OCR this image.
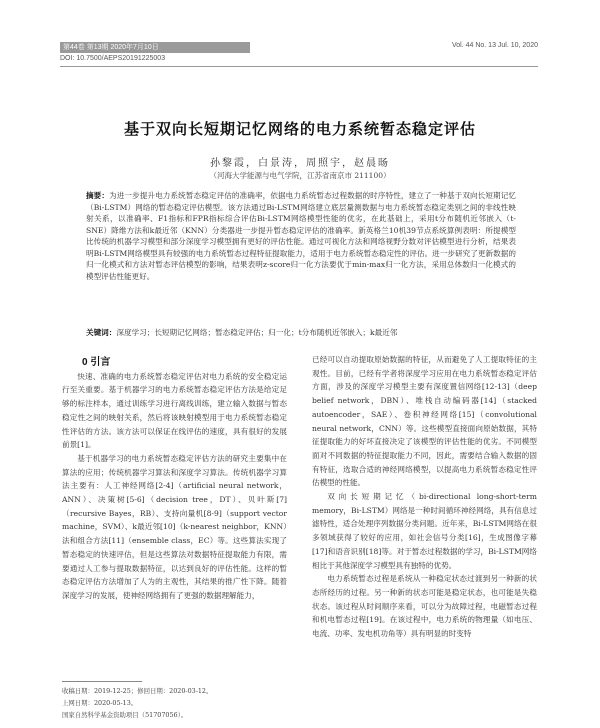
第44卷 第13期 2020年7月10日	Vol. 44 No. 13 Jul. 10, 2020
DOI: 10.7500/AEPS20191225003
基于双向长短期记忆网络的电力系统暂态稳定评估
孙黎霞，白景涛，周照宇，赵晨旸
（河海大学能源与电气学院，江苏省南京市 211100）
摘要：为进一步提升电力系统暂态稳定评估的准确率，依据电力系统暂态过程数据的时序特性，建立了一种基于双向长短期记忆（Bi-LSTM）网络的暂态稳定评估模型。该方法通过Bi-LSTM网络建立底层量测数据与电力系统暂态稳定类别之间的非线性映射关系，以准确率、F1指标和FPR指标综合评估Bi-LSTM网络模型性能的优劣，在此基础上，采用t分布随机近邻嵌入（t-SNE）降维方法和k最近邻（KNN）分类器进一步提升暂态稳定评估的准确率。新英格兰10机39节点系统算例表明：所提模型比传统的机器学习模型和部分深度学习模型拥有更好的评估性能。通过可视化方法和网络视野分数对评估模型进行分析，结果表明Bi-LSTM网络模型具有较强的电力系统暂态过程特征提取能力，适用于电力系统暂态稳定性的评估。进一步研究了更新数据的归一化模式和方法对暂态评估模型的影响，结果表明z-score归一化方法要优于min-max归一化方法，采用总体数归一化模式的模型评估性能更好。
关键词：深度学习；长短期记忆网络；暂态稳定评估；归一化；t分布随机近邻嵌入；k最近邻

0 引言

快速、准确的电力系统暂态稳定评估对电力系统的安全稳定运行至关重要。基于机器学习的电力系统暂态稳定评估方法是给定足够的标注样本，通过训练学习进行离线训练，建立输入数据与暂态稳定性之间的映射关系，然后将该映射模型用于电力系统暂态稳定性评估的方法。该方法可以保证在线评估的速度，具有很好的发展前景[1]。

基于机器学习的电力系统暂态稳定评估方法的研究主要集中在算法的应用；传统机器学习算法和深度学习算法。传统机器学习算法主要有：人工神经网络[2-4]（artificial neural network，ANN）、决策树[5-6]（decision tree，DT）、贝叶斯[7]（recursive Bayes，RB）、支持向量机[8-9]（support vector machine，SVM）、k最近邻[10]（k-nearest neighbor，KNN）法和组合方法[11]（ensemble class，EC）等。这些算法实现了暂态稳定的快速评估，但是这些算法对数据特征提取能力有限，需要通过人工参与提取数据特征，以达到良好的评估性能。这样的暂态稳定评估方法增加了人为的主观性，其结果的推广性下降。随着深度学习的发展，使神经网络拥有了更强的数据理解能力，

已经可以自动提取原始数据的特征，从而避免了人工提取特征的主观性。目前，已经有学者将深度学习应用在电力系统暂态稳定评估方面，涉及的深度学习模型主要有深度置信网络[12-13]（deep belief network，DBN）、堆栈自动编码器[14]（stacked autoencoder，SAE）、卷积神经网络[15]（convolutional neural network，CNN）等。这些模型直接面向原始数据，其特征提取能力的好坏直接决定了该模型的评估性能的优劣。不同模型面对不同数据的特征提取能力不同，因此，需要结合输入数据的固有特征，选取合适的神经网络模型，以提高电力系统暂态稳定性评估模型的性能。

双向长短期记忆（bi-directional long-short-term memory，Bi-LSTM）网络是一种时间循环神经网络，具有信息过滤特性，适合处理序列数据分类问题。近年来，Bi-LSTM网络在很多领域获得了较好的应用，如社会信号分类[16]，生成图像字幕[17]和语音识别[18]等。对于暂态过程数据的学习，Bi-LSTM网络相比于其他深度学习模型具有独特的优势。

电力系统暂态过程是系统从一种稳定状态过渡到另一种新的状态所经历的过程。另一种新的状态可能是稳定状态，也可能是失稳状态。该过程从时间顺序来看，可以分为故障过程，电磁暂态过程和机电暂态过程[19]。在该过程中，电力系统的物理量（如电压、电流、功率、发电机功角等）具有明显的时变特

收稿日期：2019-12-25；修回日期：2020-03-12。
上网日期：2020-05-13。
国家自然科学基金资助项目（51707056）。
